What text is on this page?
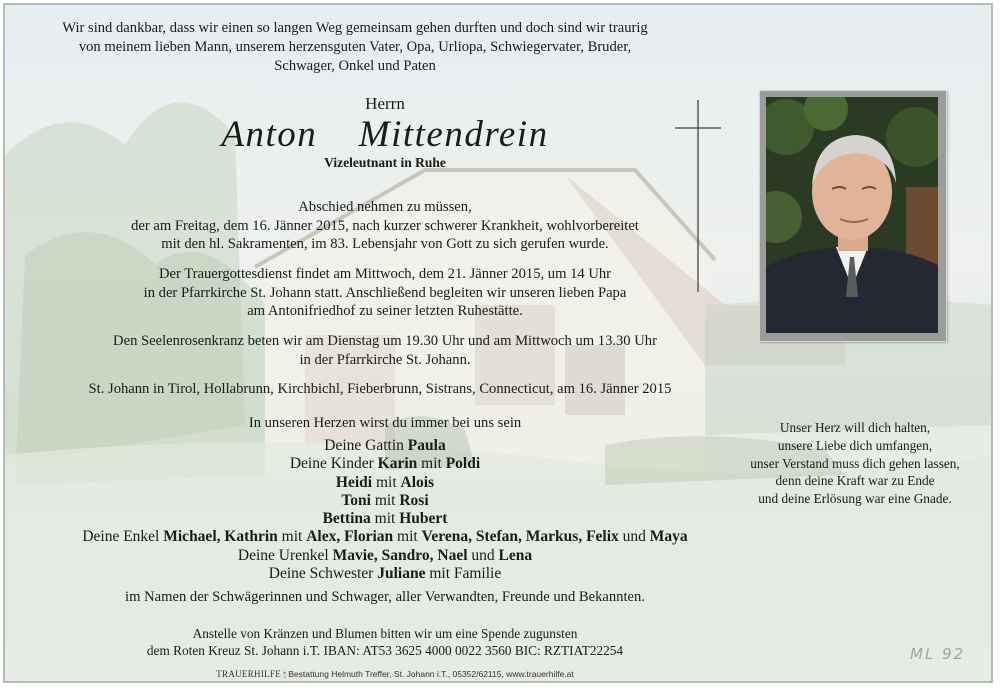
Wir sind dankbar, dass wir einen so langen Weg gemeinsam gehen durften und doch sind wir traurig
von meinem lieben Mann, unserem herzensguten Vater, Opa, Urliopa, Schwiegervater, Bruder,
Schwager, Onkel und Paten
Herrn
Anton  Mittendrein
Vizeleutnant in Ruhe
Abschied nehmen zu müssen,
der am Freitag, dem 16. Jänner 2015, nach kurzer schwerer Krankheit, wohlvorbereitet
mit den hl. Sakramenten, im 83. Lebensjahr von Gott zu sich gerufen wurde.
Der Trauergottesdienst findet am Mittwoch, dem 21. Jänner 2015, um 14 Uhr
in der Pfarrkirche St. Johann statt. Anschließend begleiten wir unseren lieben Papa
am Antonifriedhof zu seiner letzten Ruhestätte.
Den Seelenrosenkranz beten wir am Dienstag um 19.30 Uhr und am Mittwoch um 13.30 Uhr
in der Pfarrkirche St. Johann.
St. Johann in Tirol, Hollabrunn, Kirchbichl, Fieberbrunn, Sistrans, Connecticut, am 16. Jänner 2015
In unseren Herzen wirst du immer bei uns sein
Deine Gattin Paula
Deine Kinder Karin mit Poldi
Heidi mit Alois
Toni mit Rosi
Bettina mit Hubert
Deine Enkel Michael, Kathrin mit Alex, Florian mit Verena, Stefan, Markus, Felix und Maya
Deine Urenkel Mavie, Sandro, Nael und Lena
Deine Schwester Juliane mit Familie
im Namen der Schwägerinnen und Schwager, aller Verwandten, Freunde und Bekannten.
Anstelle von Kränzen und Blumen bitten wir um eine Spende zugunsten
dem Roten Kreuz St. Johann i.T. IBAN: AT53 3625 4000 0022 3560 BIC: RZTIAT22254
TRAUERHILFE 🕯 Bestattung Helmuth Treffer, St. Johann i.T., 05352/62115, www.trauerhilfe.at
Unser Herz will dich halten,
unsere Liebe dich umfangen,
unser Verstand muss dich gehen lassen,
denn deine Kraft war zu Ende
und deine Erlösung war eine Gnade.
ML 92
